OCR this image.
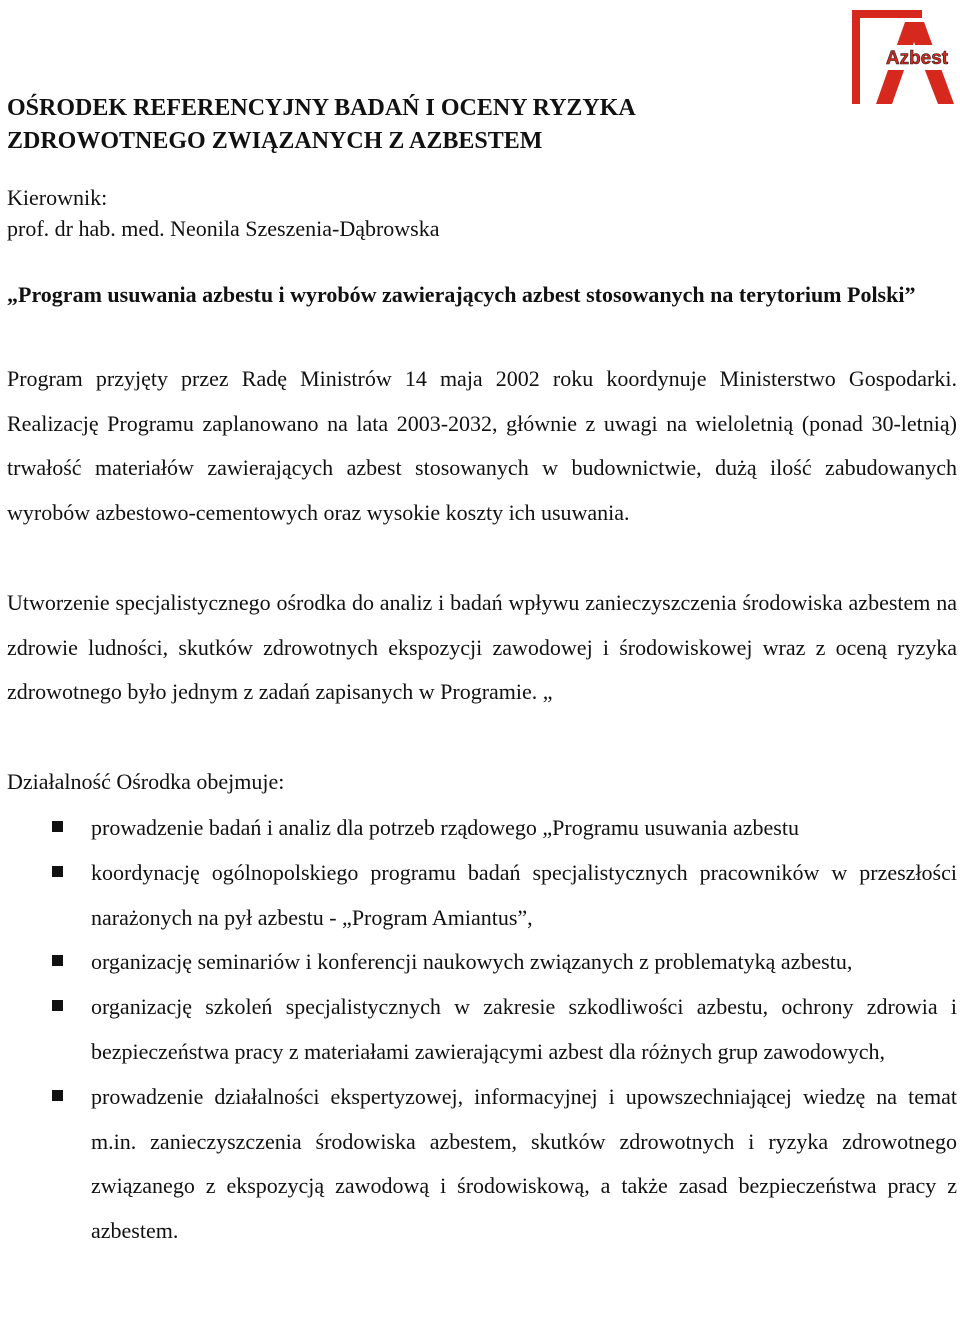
Azbest
OŚRODEK REFERENCYJNY BADAŃ I OCENY RYZYKA ZDROWOTNEGO ZWIĄZANYCH Z AZBESTEM
Kierownik:
prof. dr hab. med. Neonila Szeszenia-Dąbrowska

„Program usuwania azbestu i wyrobów zawierających azbest stosowanych na terytorium Polski”

Program przyjęty przez Radę Ministrów 14 maja 2002 roku koordynuje Ministerstwo Gospodarki. Realizację Programu zaplanowano na lata 2003-2032, głównie z uwagi na wieloletnią (ponad 30-letnią) trwałość materiałów zawierających azbest stosowanych w budownictwie, dużą ilość zabudowanych wyrobów azbestowo-cementowych oraz wysokie koszty ich usuwania.

Utworzenie specjalistycznego ośrodka do analiz i badań wpływu zanieczyszczenia środowiska azbestem na zdrowie ludności, skutków zdrowotnych ekspozycji zawodowej i środowiskowej wraz z oceną ryzyka zdrowotnego było jednym z zadań zapisanych w Programie. „

Działalność Ośrodka obejmuje:

prowadzenie badań i analiz dla potrzeb rządowego „Programu usuwania azbestu
koordynację ogólnopolskiego programu badań specjalistycznych pracowników w przeszłości narażonych na pył azbestu - „Program Amiantus”,
organizację seminariów i konferencji naukowych związanych z problematyką azbestu,
organizację szkoleń specjalistycznych w zakresie szkodliwości azbestu, ochrony zdrowia i bezpieczeństwa pracy z materiałami zawierającymi azbest dla różnych grup zawodowych,
prowadzenie działalności ekspertyzowej, informacyjnej i upowszechniającej wiedzę na temat m.in. zanieczyszczenia środowiska azbestem, skutków zdrowotnych i ryzyka zdrowotnego związanego z ekspozycją zawodową i środowiskową, a także zasad bezpieczeństwa pracy z azbestem.
